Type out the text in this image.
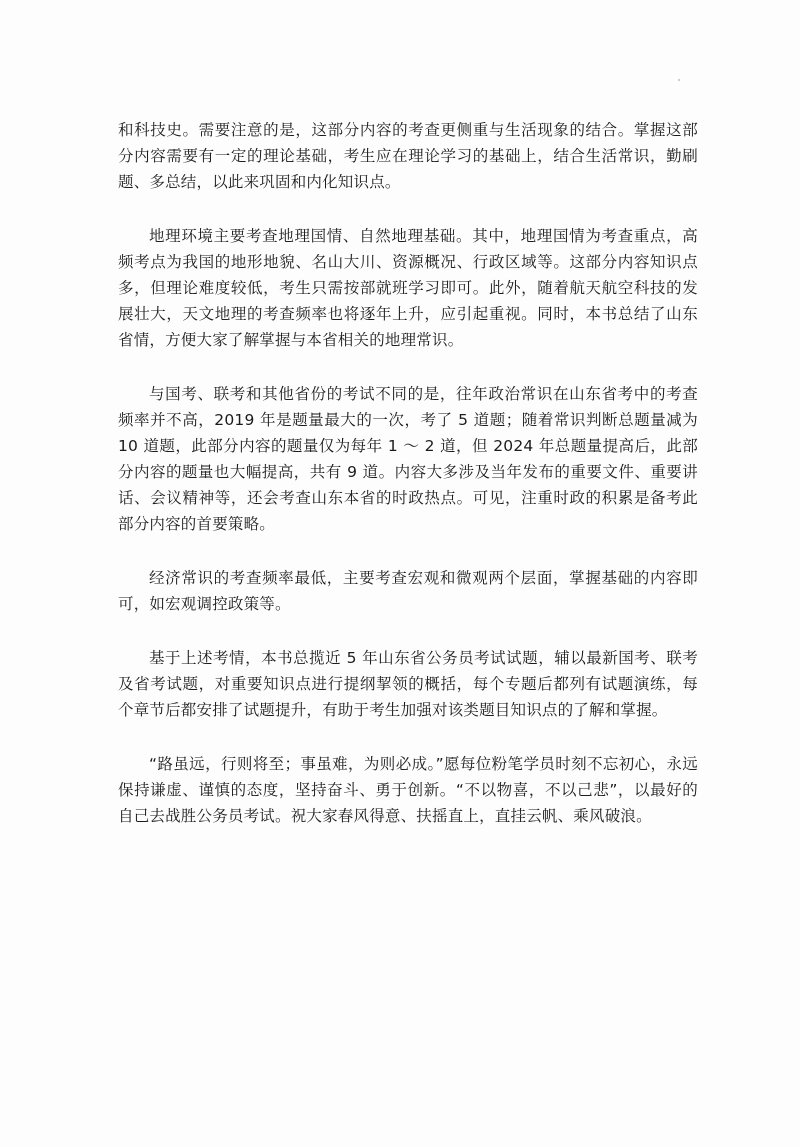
和科技史。需要注意的是，这部分内容的考查更侧重与生活现象的结合。掌握这部分内容需要有一定的理论基础，考生应在理论学习的基础上，结合生活常识，勤刷题、多总结，以此来巩固和内化知识点。

地理环境主要考查地理国情、自然地理基础。其中，地理国情为考查重点，高频考点为我国的地形地貌、名山大川、资源概况、行政区域等。这部分内容知识点多，但理论难度较低，考生只需按部就班学习即可。此外，随着航天航空科技的发展壮大，天文地理的考查频率也将逐年上升，应引起重视。同时，本书总结了山东省情，方便大家了解掌握与本省相关的地理常识。

与国考、联考和其他省份的考试不同的是，往年政治常识在山东省考中的考查频率并不高，2019 年是题量最大的一次，考了 5 道题；随着常识判断总题量减为 10 道题，此部分内容的题量仅为每年 1 ～ 2 道，但 2024 年总题量提高后，此部分内容的题量也大幅提高，共有 9 道。内容大多涉及当年发布的重要文件、重要讲话、会议精神等，还会考查山东本省的时政热点。可见，注重时政的积累是备考此部分内容的首要策略。

经济常识的考查频率最低，主要考查宏观和微观两个层面，掌握基础的内容即可，如宏观调控政策等。

基于上述考情，本书总揽近 5 年山东省公务员考试试题，辅以最新国考、联考及省考试题，对重要知识点进行提纲挈领的概括，每个专题后都列有试题演练，每个章节后都安排了试题提升，有助于考生加强对该类题目知识点的了解和掌握。

“路虽远，行则将至；事虽难，为则必成。”愿每位粉笔学员时刻不忘初心，永远保持谦虚、谨慎的态度，坚持奋斗、勇于创新。“不以物喜，不以己悲”，以最好的自己去战胜公务员考试。祝大家春风得意、扶摇直上，直挂云帆、乘风破浪。
